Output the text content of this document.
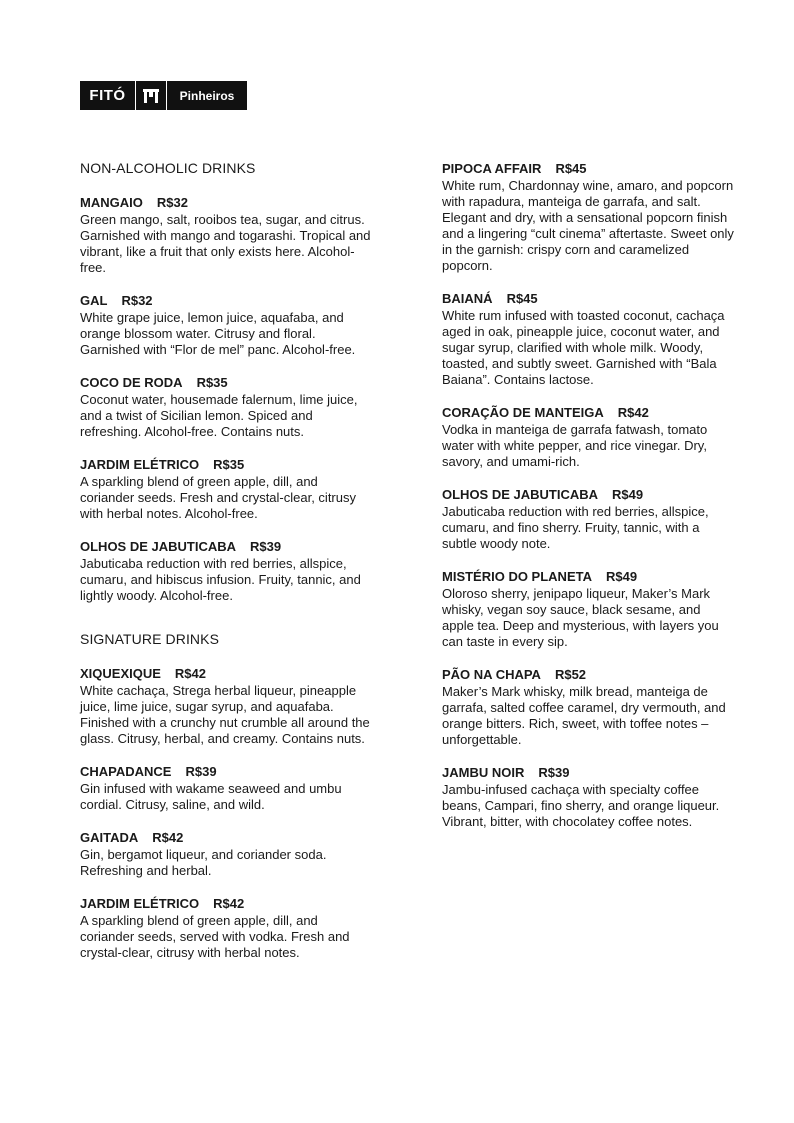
FITÓ	Pinheiros
NON-ALCOHOLIC DRINKS
MANGAIO R$32

Green mango, salt, rooibos tea, sugar, and citrus. Garnished with mango and togarashi. Tropical and vibrant, like a fruit that only exists here. Alcohol-free.

GAL R$32

White grape juice, lemon juice, aquafaba, and orange blossom water. Citrusy and floral. Garnished with “Flor de mel” panc. Alcohol-free.

COCO DE RODA R$35

Coconut water, housemade falernum, lime juice, and a twist of Sicilian lemon. Spiced and refreshing. Alcohol-free. Contains nuts.

JARDIM ELÉTRICO R$35

A sparkling blend of green apple, dill, and coriander seeds. Fresh and crystal-clear, citrusy with herbal notes. Alcohol-free.

OLHOS DE JABUTICABA R$39

Jabuticaba reduction with red berries, allspice, cumaru, and hibiscus infusion. Fruity, tannic, and lightly woody. Alcohol-free.

SIGNATURE DRINKS
XIQUEXIQUE R$42

White cachaça, Strega herbal liqueur, pineapple juice, lime juice, sugar syrup, and aquafaba. Finished with a crunchy nut crumble all around the glass. Citrusy, herbal, and creamy. Contains nuts.

CHAPADANCE R$39

Gin infused with wakame seaweed and umbu cordial. Citrusy, saline, and wild.

GAITADA R$42

Gin, bergamot liqueur, and coriander soda. Refreshing and herbal.

JARDIM ELÉTRICO R$42

A sparkling blend of green apple, dill, and coriander seeds, served with vodka. Fresh and crystal-clear, citrusy with herbal notes.

PIPOCA AFFAIR R$45

White rum, Chardonnay wine, amaro, and popcorn with rapadura, manteiga de garrafa, and salt. Elegant and dry, with a sensational popcorn finish and a lingering “cult cinema” aftertaste. Sweet only in the garnish: crispy corn and caramelized popcorn.

BAIANÁ R$45

White rum infused with toasted coconut, cachaça aged in oak, pineapple juice, coconut water, and sugar syrup, clarified with whole milk. Woody, toasted, and subtly sweet. Garnished with “Bala Baiana”. Contains lactose.

CORAÇÃO DE MANTEIGA R$42

Vodka in manteiga de garrafa fatwash, tomato water with white pepper, and rice vinegar. Dry, savory, and umami-rich.

OLHOS DE JABUTICABA R$49

Jabuticaba reduction with red berries, allspice, cumaru, and fino sherry. Fruity, tannic, with a subtle woody note.

MISTÉRIO DO PLANETA R$49

Oloroso sherry, jenipapo liqueur, Maker’s Mark whisky, vegan soy sauce, black sesame, and apple tea. Deep and mysterious, with layers you can taste in every sip.

PÃO NA CHAPA R$52

Maker’s Mark whisky, milk bread, manteiga de garrafa, salted coffee caramel, dry vermouth, and orange bitters. Rich, sweet, with toffee notes – unforgettable.

JAMBU NOIR R$39

Jambu-infused cachaça with specialty coffee beans, Campari, fino sherry, and orange liqueur. Vibrant, bitter, with chocolatey coffee notes.
